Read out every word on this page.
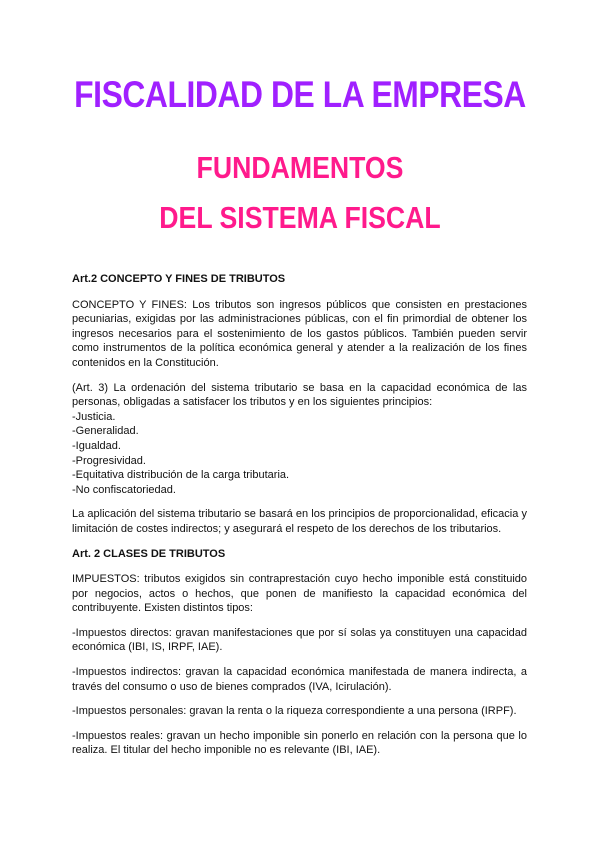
FISCALIDAD DE LA EMPRESA
FUNDAMENTOS
DEL SISTEMA FISCAL
Art.2 CONCEPTO Y FINES DE TRIBUTOS

CONCEPTO Y FINES: Los tributos son ingresos públicos que consisten en prestaciones pecuniarias, exigidas por las administraciones públicas, con el fin primordial de obtener los ingresos necesarios para el sostenimiento de los gastos públicos. También pueden servir como instrumentos de la política económica general y atender a la realización de los fines contenidos en la Constitución.

(Art. 3) La ordenación del sistema tributario se basa en la capacidad económica de las personas, obligadas a satisfacer los tributos y en los siguientes principios:

-Justicia.
-Generalidad.
-Igualdad.
-Progresividad.
-Equitativa distribución de la carga tributaria.
-No confiscatoriedad.

La aplicación del sistema tributario se basará en los principios de proporcionalidad, eficacia y limitación de costes indirectos; y asegurará el respeto de los derechos de los tributarios.

Art. 2 CLASES DE TRIBUTOS

IMPUESTOS: tributos exigidos sin contraprestación cuyo hecho imponible está constituido por negocios, actos o hechos, que ponen de manifiesto la capacidad económica del contribuyente. Existen distintos tipos:

-Impuestos directos: gravan manifestaciones que por sí solas ya constituyen una capacidad económica (IBI, IS, IRPF, IAE).

-Impuestos indirectos: gravan la capacidad económica manifestada de manera indirecta, a través del consumo o uso de bienes comprados (IVA, Icirulación).

-Impuestos personales: gravan la renta o la riqueza correspondiente a una persona (IRPF).

-Impuestos reales: gravan un hecho imponible sin ponerlo en relación con la persona que lo realiza. El titular del hecho imponible no es relevante (IBI, IAE).
